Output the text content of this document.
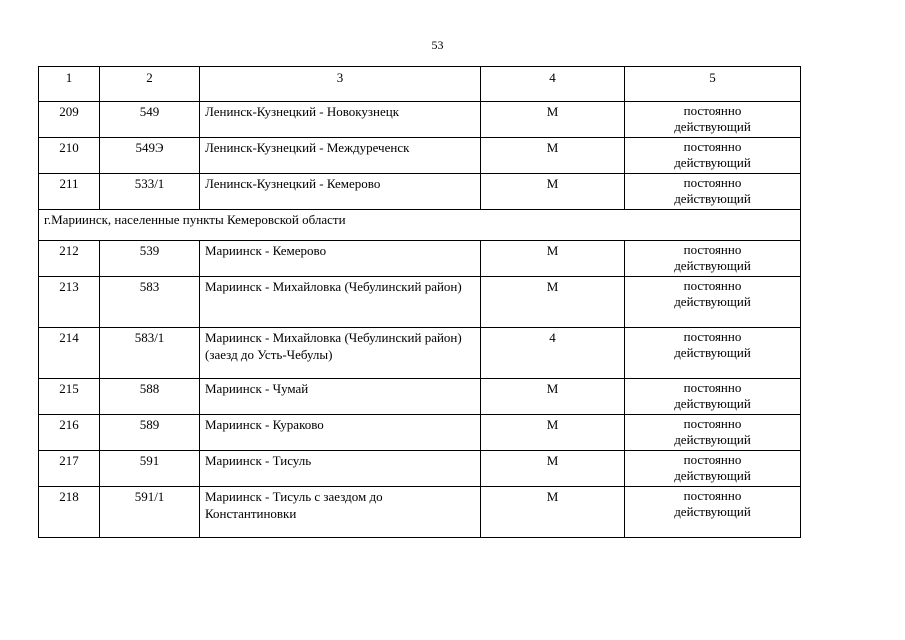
53
1	2	3	4	5
209	549	Ленинск-Кузнецкий - Новокузнецк	М	постоянно
действующий
210	549Э	Ленинск-Кузнецкий - Междуреченск	М	постоянно
действующий
211	533/1	Ленинск-Кузнецкий - Кемерово	М	постоянно
действующий
г.Мариинск, населенные пункты Кемеровской области				
212	539	Мариинск - Кемерово	М	постоянно
действующий
213	583	Мариинск - Михайловка (Чебулинский район)	М	постоянно
действующий
214	583/1	Мариинск - Михайловка (Чебулинский район) (заезд до Усть-Чебулы)	4	постоянно
действующий
215	588	Мариинск - Чумай	М	постоянно
действующий
216	589	Мариинск - Кураково	М	постоянно
действующий
217	591	Мариинск - Тисуль	М	постоянно
действующий
218	591/1	Мариинск - Тисуль с заездом до Константиновки	М	постоянно
действующий
